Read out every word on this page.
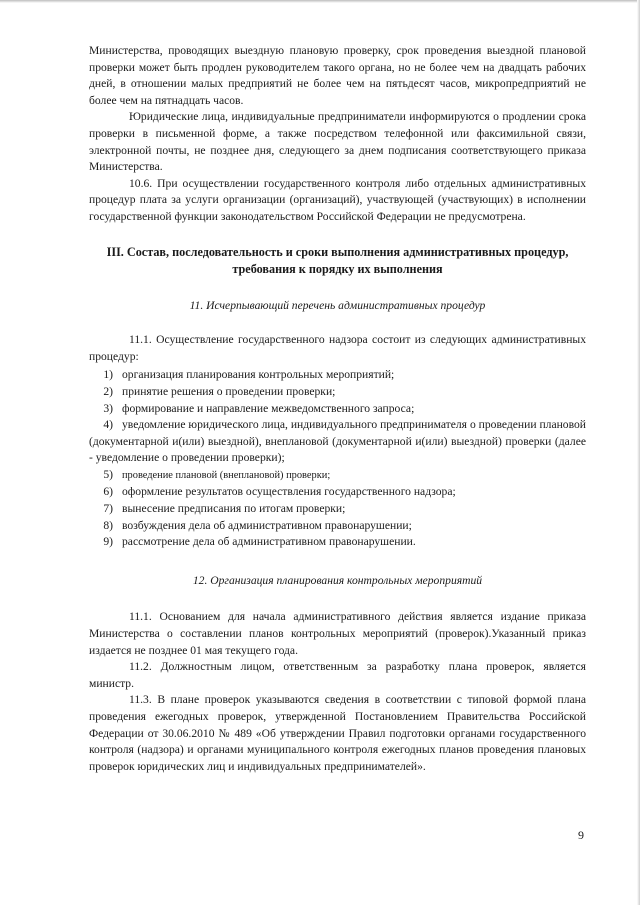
Министерства, проводящих выездную плановую проверку, срок проведения выездной плановой проверки может быть продлен руководителем такого органа, но не более чем на двадцать рабочих дней, в отношении малых предприятий не более чем на пятьдесят часов, микропредприятий не более чем на пятнадцать часов.

Юридические лица, индивидуальные предприниматели информируются о продлении срока проверки в письменной форме, а также посредством телефонной или факсимильной связи, электронной почты, не позднее дня, следующего за днем подписания соответствующего приказа Министерства.

10.6. При осуществлении государственного контроля либо отдельных административных процедур плата за услуги организации (организаций), участвующей (участвующих) в исполнении государственной функции законодательством Российской Федерации не предусмотрена.

III. Состав, последовательность и сроки выполнения административных процедур,
требования к порядку их выполнения
11. Исчерпывающий перечень административных процедур

11.1. Осуществление государственного надзора состоит из следующих административных процедур:

1) организация планирования контрольных мероприятий;
2) принятие решения о проведении проверки;
3) формирование и направление межведомственного запроса;
4) уведомление юридического лица, индивидуального предпринимателя о проведении плановой (документарной и(или) выездной), внеплановой (документарной и(или) выездной) проверки (далее - уведомление о проведении проверки);
5) проведение плановой (внеплановой) проверки;
6) оформление результатов осуществления государственного надзора;
7) вынесение предписания по итогам проверки;
8) возбуждения дела об административном правонарушении;
9) рассмотрение дела об административном правонарушении.
12. Организация планирования контрольных мероприятий

11.1. Основанием для начала административного действия является издание приказа Министерства о составлении планов контрольных мероприятий (проверок).Указанный приказ издается не позднее 01 мая текущего года.

11.2. Должностным лицом, ответственным за разработку плана проверок, является министр.

11.3. В плане проверок указываются сведения в соответствии с типовой формой плана проведения ежегодных проверок, утвержденной Постановлением Правительства Российской Федерации от 30.06.2010 № 489 «Об утверждении Правил подготовки органами государственного контроля (надзора) и органами муниципального контроля ежегодных планов проведения плановых проверок юридических лиц и индивидуальных предпринимателей».

9
